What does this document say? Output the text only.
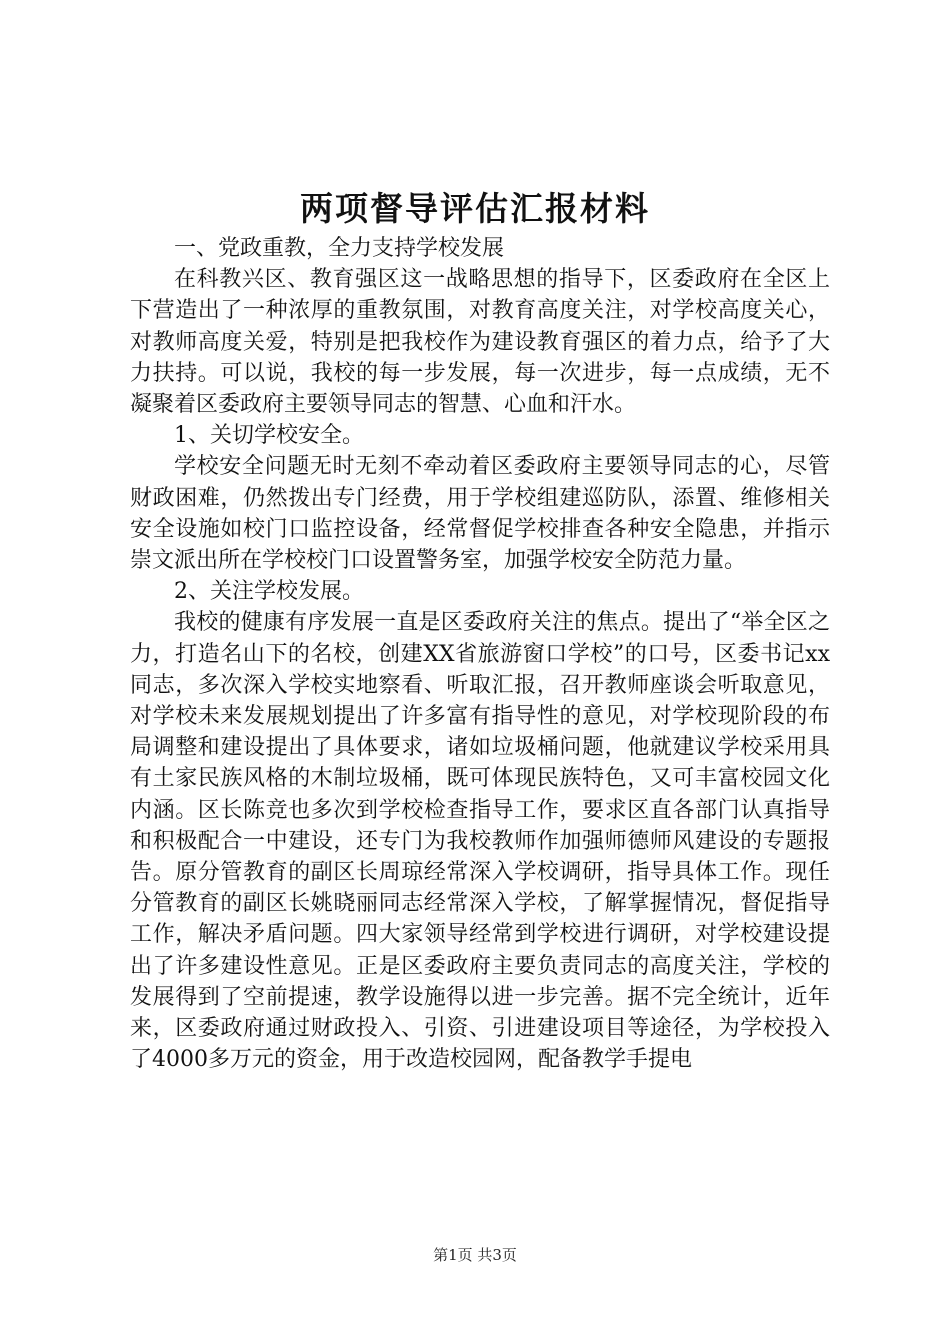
两项督导评估汇报材料

一、党政重教，全力支持学校发展

在科教兴区、教育强区这一战略思想的指导下，区委政府在全区上下营造出了一种浓厚的重教氛围，对教育高度关注，对学校高度关心，对教师高度关爱，特别是把我校作为建设教育强区的着力点，给予了大力扶持。可以说，我校的每一步发展，每一次进步，每一点成绩，无不凝聚着区委政府主要领导同志的智慧、心血和汗水。

1、关切学校安全。

学校安全问题无时无刻不牵动着区委政府主要领导同志的心，尽管财政困难，仍然拨出专门经费，用于学校组建巡防队，添置、维修相关安全设施如校门口监控设备，经常督促学校排查各种安全隐患，并指示崇文派出所在学校校门口设置警务室，加强学校安全防范力量。

2、关注学校发展。

我校的健康有序发展一直是区委政府关注的焦点。提出了“举全区之力，打造名山下的名校，创建XX省旅游窗口学校”的口号，区委书记xx同志，多次深入学校实地察看、听取汇报，召开教师座谈会听取意见，对学校未来发展规划提出了许多富有指导性的意见，对学校现阶段的布局调整和建设提出了具体要求，诸如垃圾桶问题，他就建议学校采用具有土家民族风格的木制垃圾桶，既可体现民族特色，又可丰富校园文化内涵。区长陈竞也多次到学校检查指导工作，要求区直各部门认真指导和积极配合一中建设，还专门为我校教师作加强师德师风建设的专题报告。原分管教育的副区长周琼经常深入学校调研，指导具体工作。现任分管教育的副区长姚晓丽同志经常深入学校，了解掌握情况，督促指导工作，解决矛盾问题。四大家领导经常到学校进行调研，对学校建设提出了许多建设性意见。正是区委政府主要负责同志的高度关注，学校的发展得到了空前提速，教学设施得以进一步完善。据不完全统计，近年来，区委政府通过财政投入、引资、引进建设项目等途径，为学校投入了4000多万元的资金，用于改造校园网，配备教学手提电

第1页 共3页
